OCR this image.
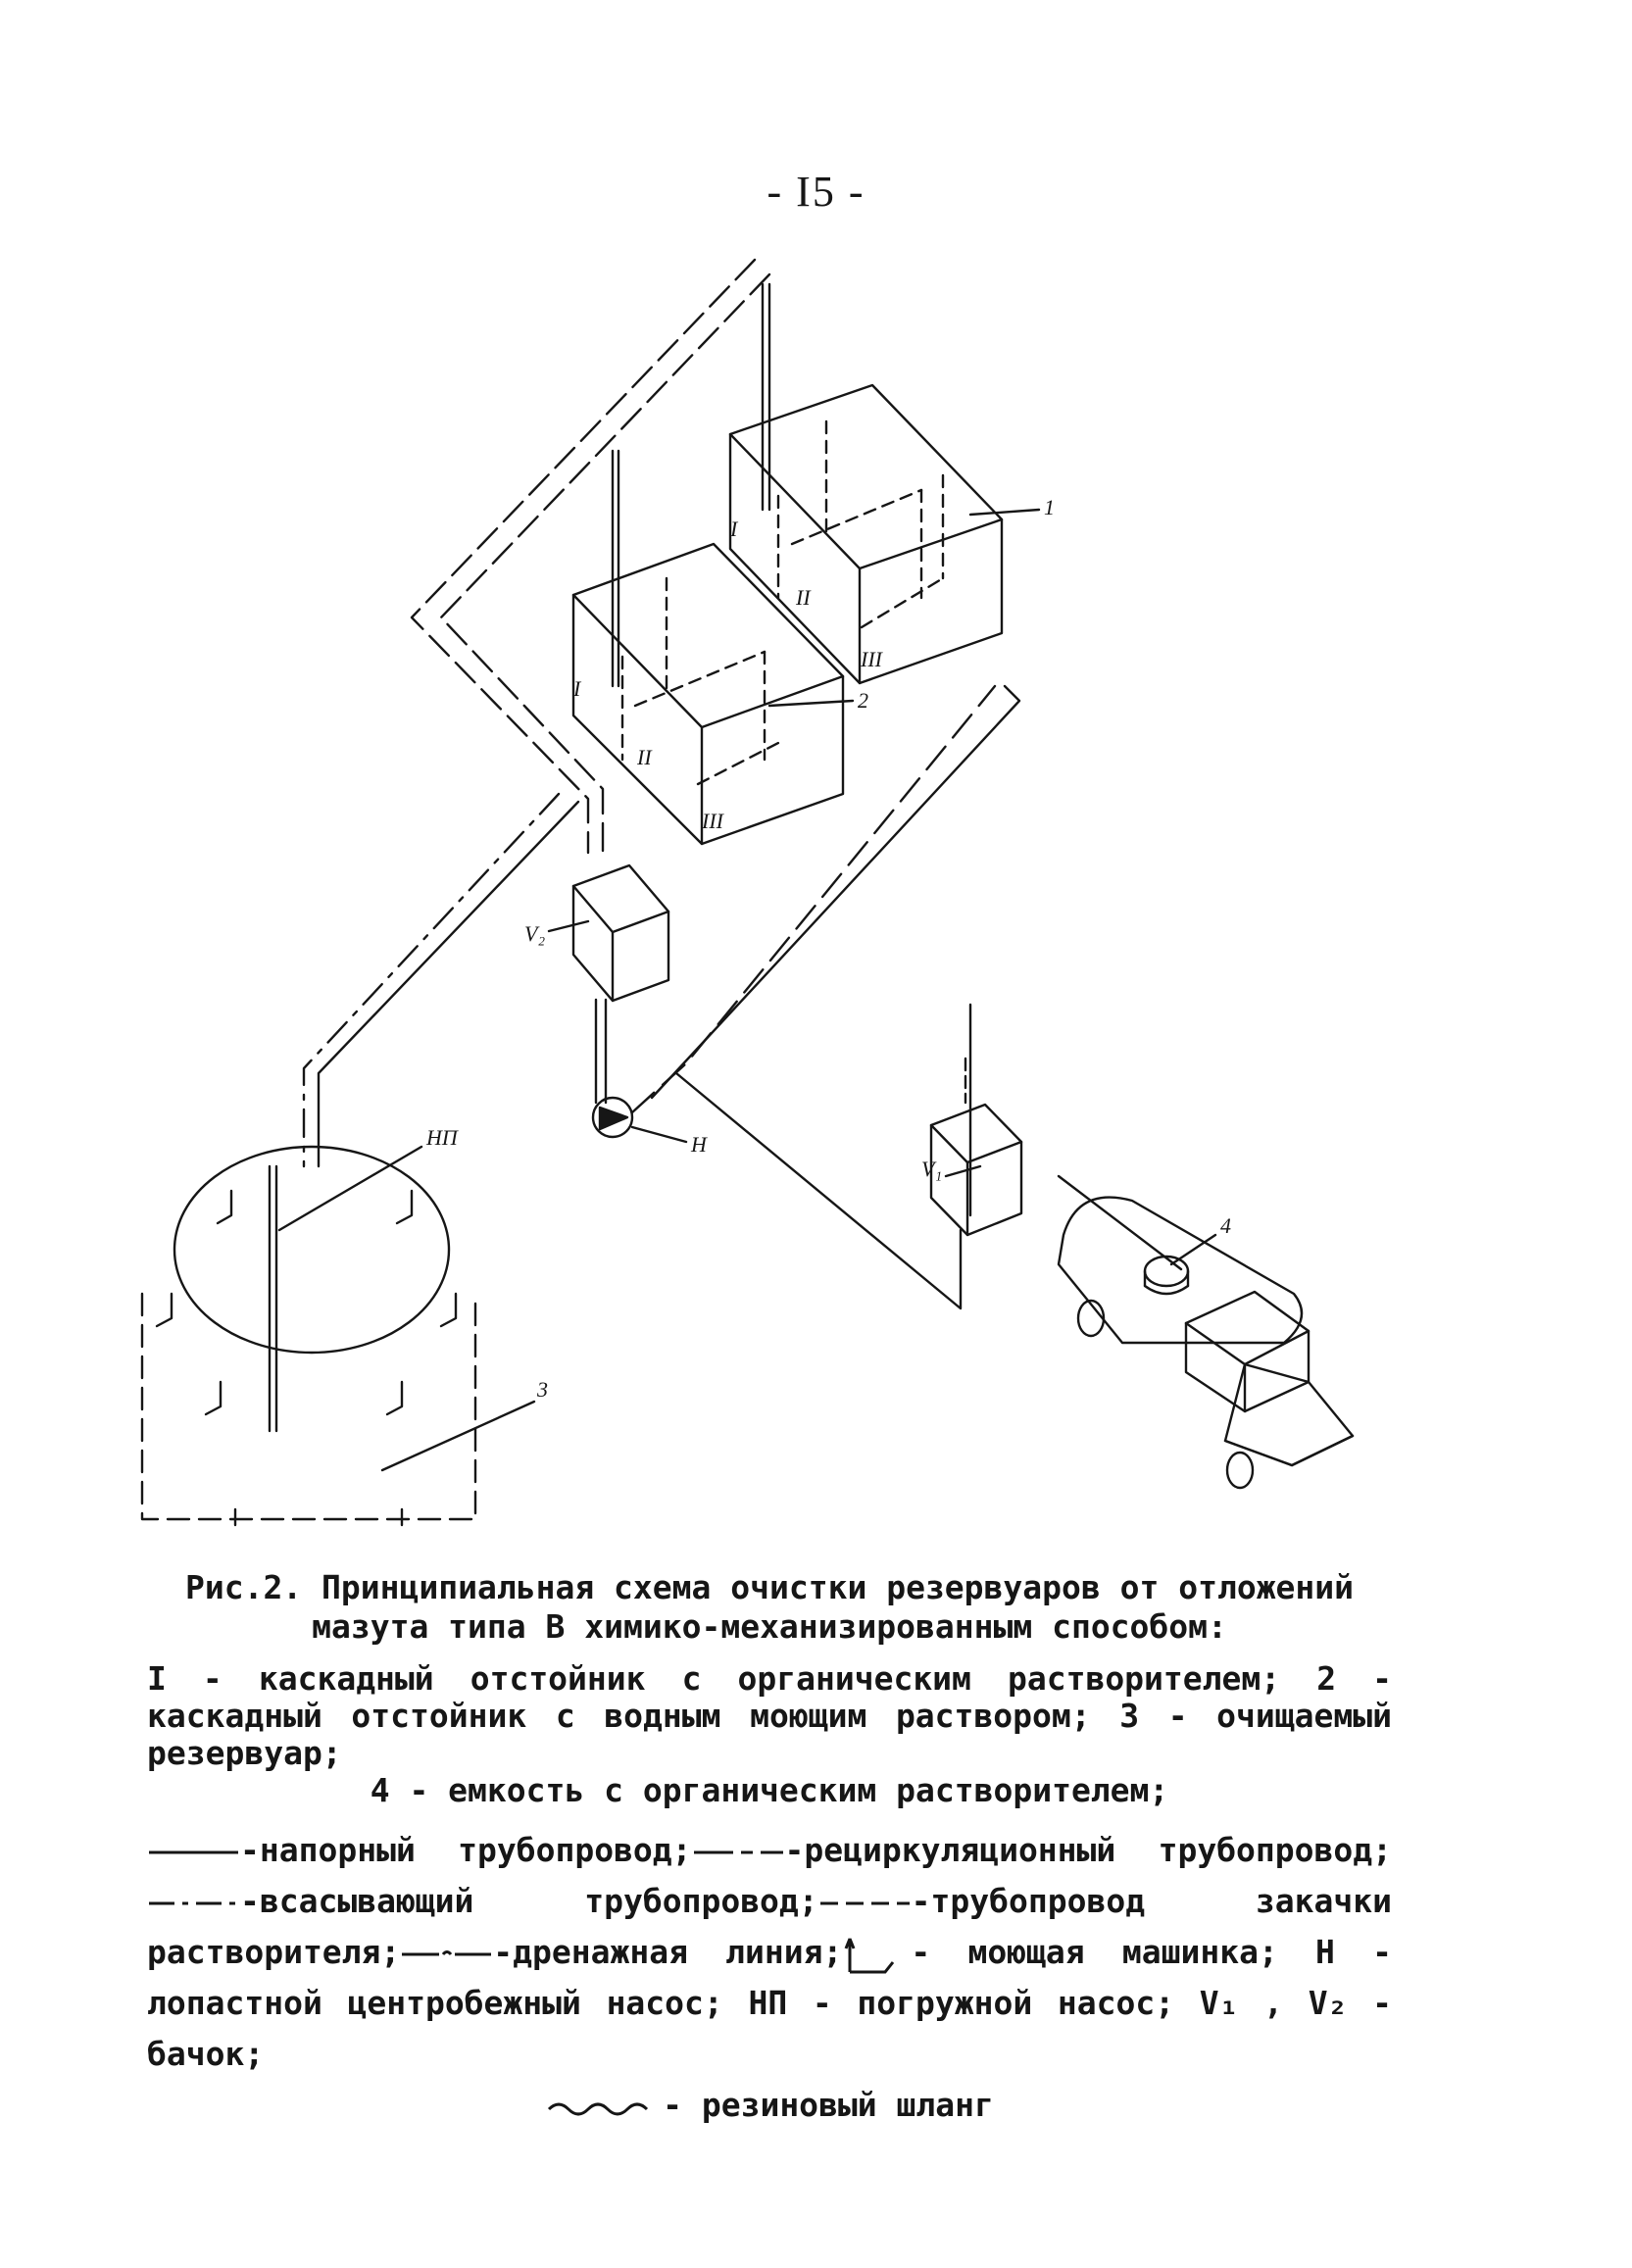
- I5 -
1
2
3
4
V₂
V₁
Н
НП
I
I
II
II
III
III
Рис.2. Принципиальная схема очистки резервуаров от отложений мазута типа В химико-механизированным способом:
I - каскадный отстойник с органическим растворителем; 2 - каскадный отстойник с водным моющим раствором; 3 - очищаемый резервуар;
4 - емкость с органическим растворителем;
-напорный трубопровод;	-рециркуляционный трубопровод;
-всасывающий трубопровод;	-трубопровод закачки растворителя;	-дренажная линия; - моющая машинка; Н - лопастной центробежный насос; НП - погружной насос; V₁ , V₂ - бачок;
- резиновый шланг
